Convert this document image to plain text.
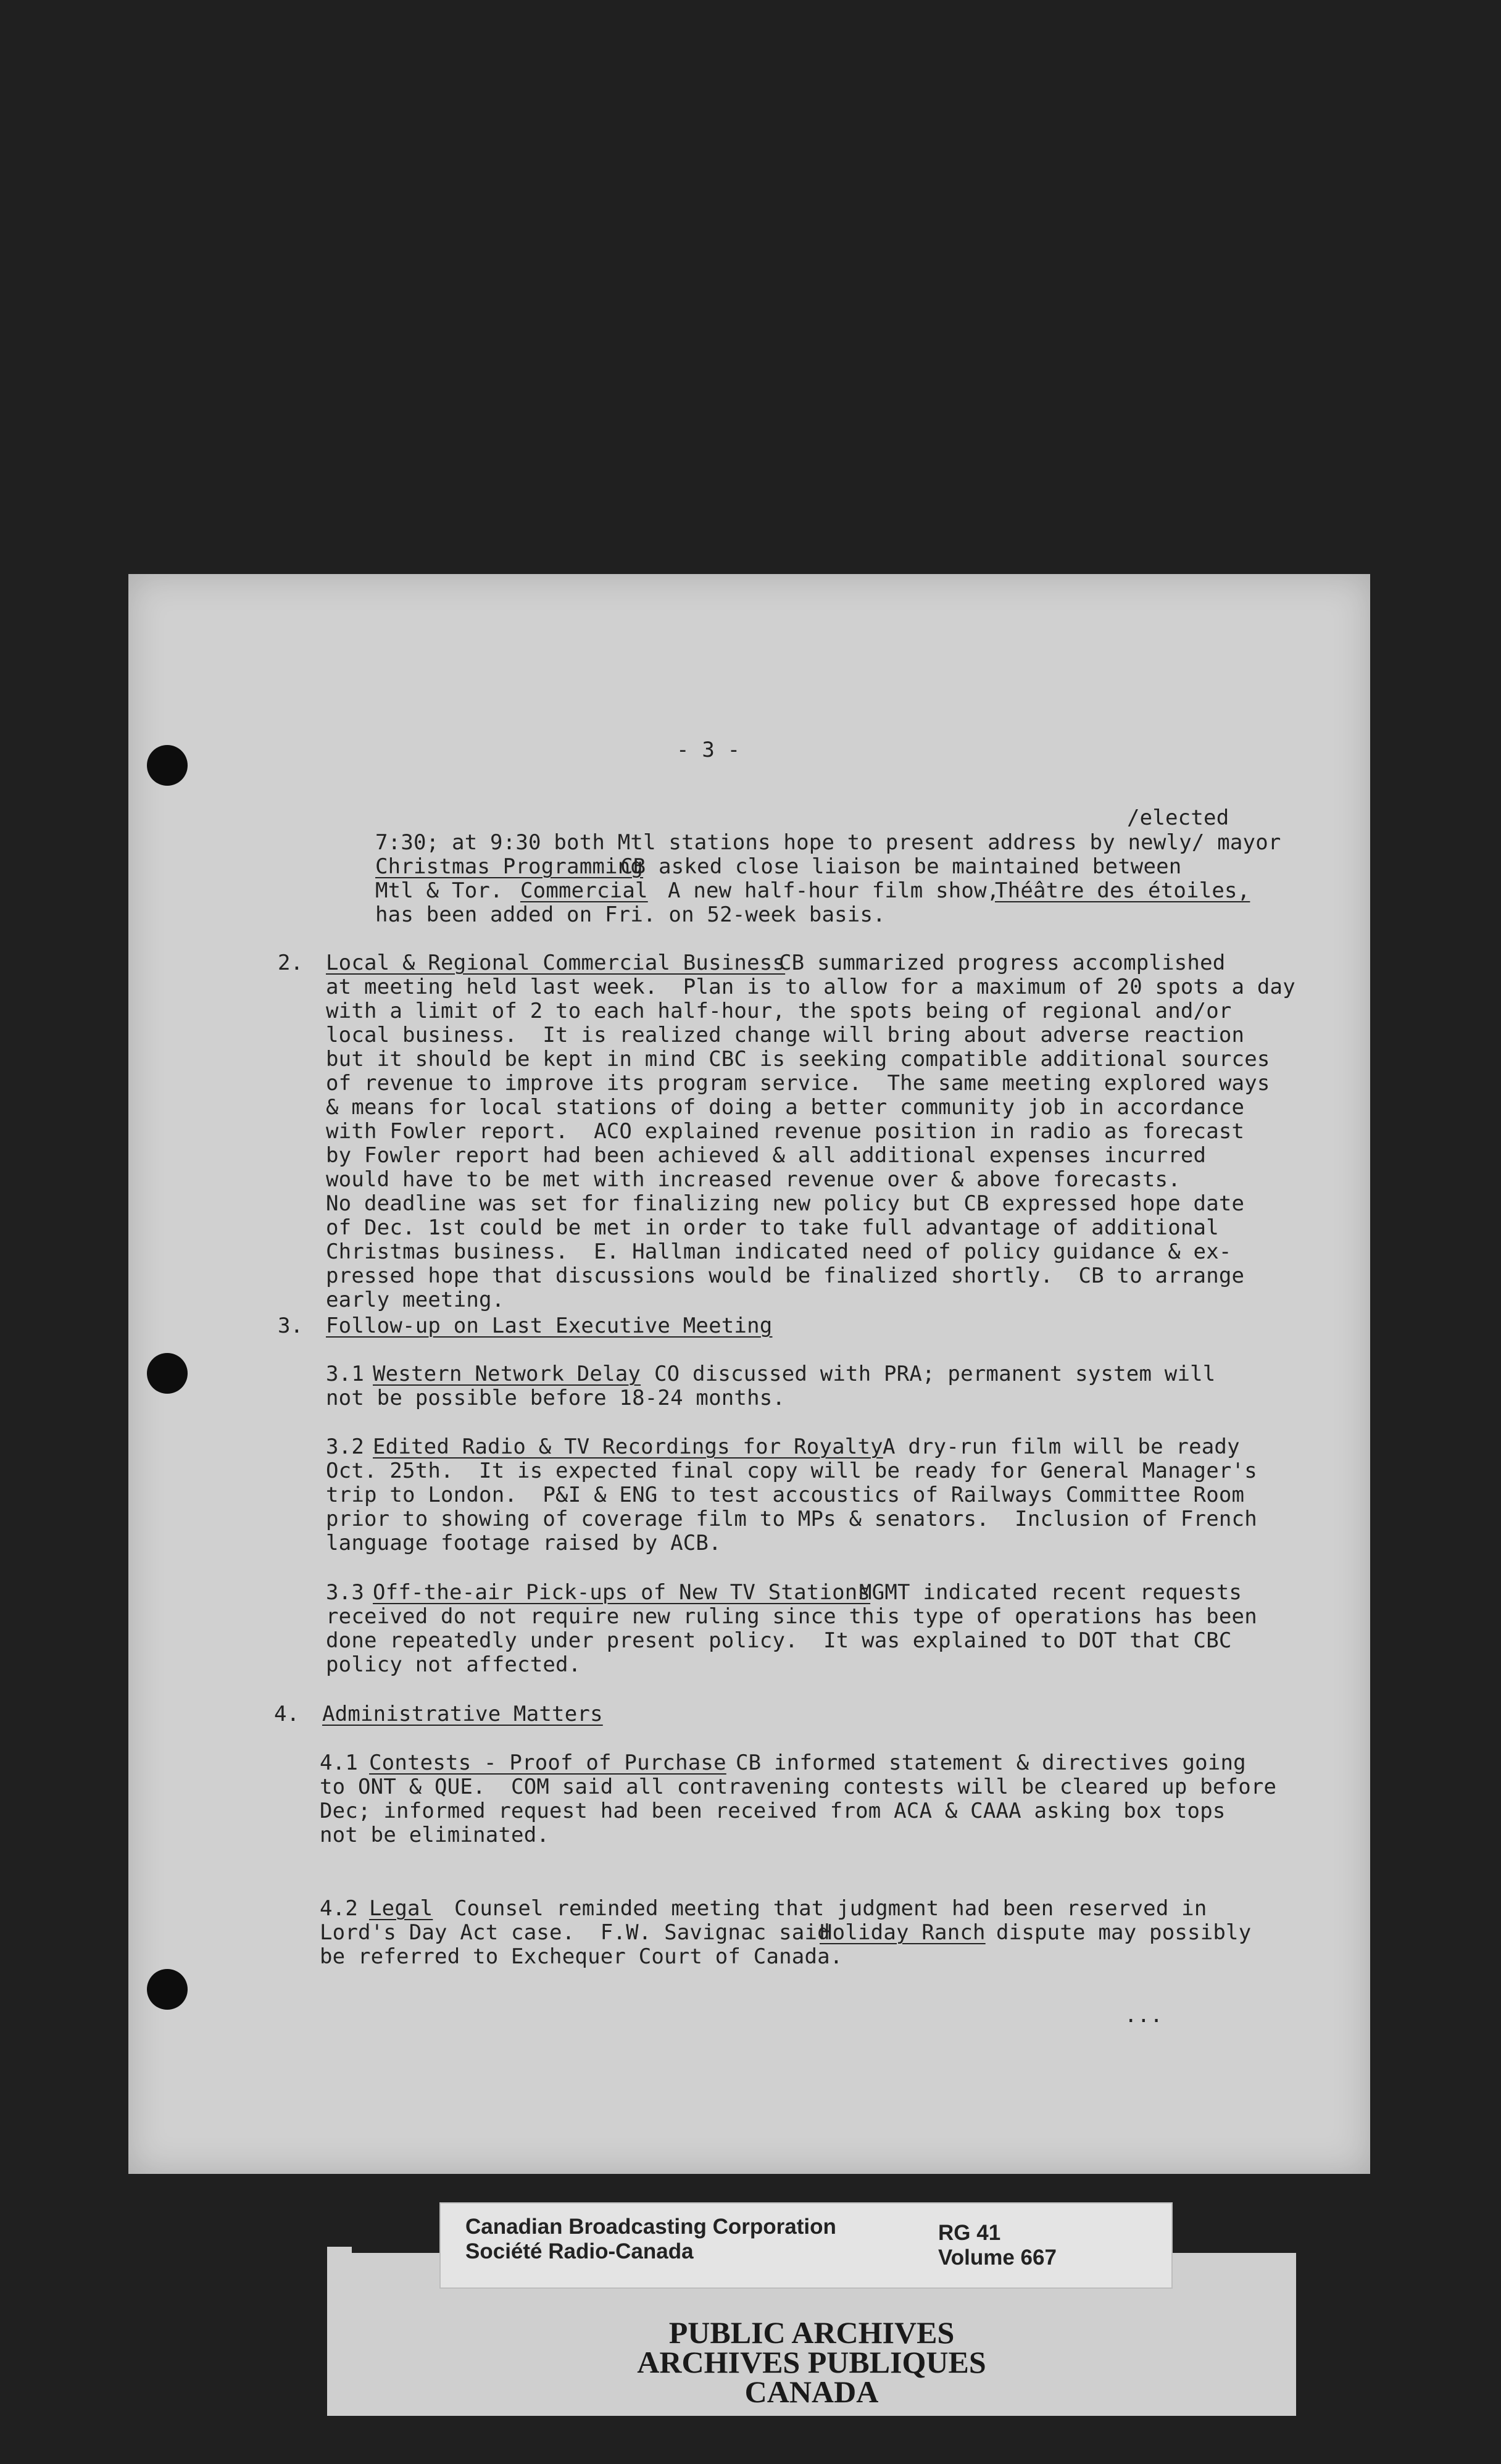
- 3 -
/elected
7:30; at 9:30 both Mtl stations hope to present address by newly/ mayor
Christmas Programming
CB asked close liaison be maintained between
Mtl & Tor. Commercial A new half-hour film show,
Théâtre des étoiles,
has been added on Fri. on 52-week basis.
2. Local & Regional Commercial Business
CB summarized progress accomplished
at meeting held last week.  Plan is to allow for a maximum of 20 spots a day
with a limit of 2 to each half-hour, the spots being of regional and/or
local business.  It is realized change will bring about adverse reaction
but it should be kept in mind CBC is seeking compatible additional sources
of revenue to improve its program service.  The same meeting explored ways
& means for local stations of doing a better community job in accordance
with Fowler report.  ACO explained revenue position in radio as forecast
by Fowler report had been achieved & all additional expenses incurred
would have to be met with increased revenue over & above forecasts.
No deadline was set for finalizing new policy but CB expressed hope date
of Dec. 1st could be met in order to take full advantage of additional
Christmas business.  E. Hallman indicated need of policy guidance & ex-
pressed hope that discussions would be finalized shortly.  CB to arrange
early meeting.
3. Follow-up on Last Executive Meeting
3.1 Western Network Delay CO discussed with PRA; permanent system will
not be possible before 18-24 months.
3.2 Edited Radio & TV Recordings for Royalty A dry-run film will be ready
Oct. 25th.  It is expected final copy will be ready for General Manager's
trip to London.  P&I & ENG to test accoustics of Railways Committee Room
prior to showing of coverage film to MPs & senators.  Inclusion of French
language footage raised by ACB.
3.3 Off-the-air Pick-ups of New TV Stations
MGMT indicated recent requests
received do not require new ruling since this type of operations has been
done repeatedly under present policy.  It was explained to DOT that CBC
policy not affected.
4. Administrative Matters
4.1 Contests - Proof of Purchase CB informed statement & directives going
to ONT & QUE.  COM said all contravening contests will be cleared up before
Dec; informed request had been received from ACA & CAAA asking box tops
not be eliminated.
4.2 Legal Counsel reminded meeting that judgment had been reserved in
Lord's Day Act case.  F.W. Savignac said
Holiday Ranch dispute may possibly
be referred to Exchequer Court of Canada.
...
PUBLIC ARCHIVES
ARCHIVES PUBLIQUES
CANADA
Canadian Broadcasting Corporation
Société Radio-Canada
RG 41
Volume 667
